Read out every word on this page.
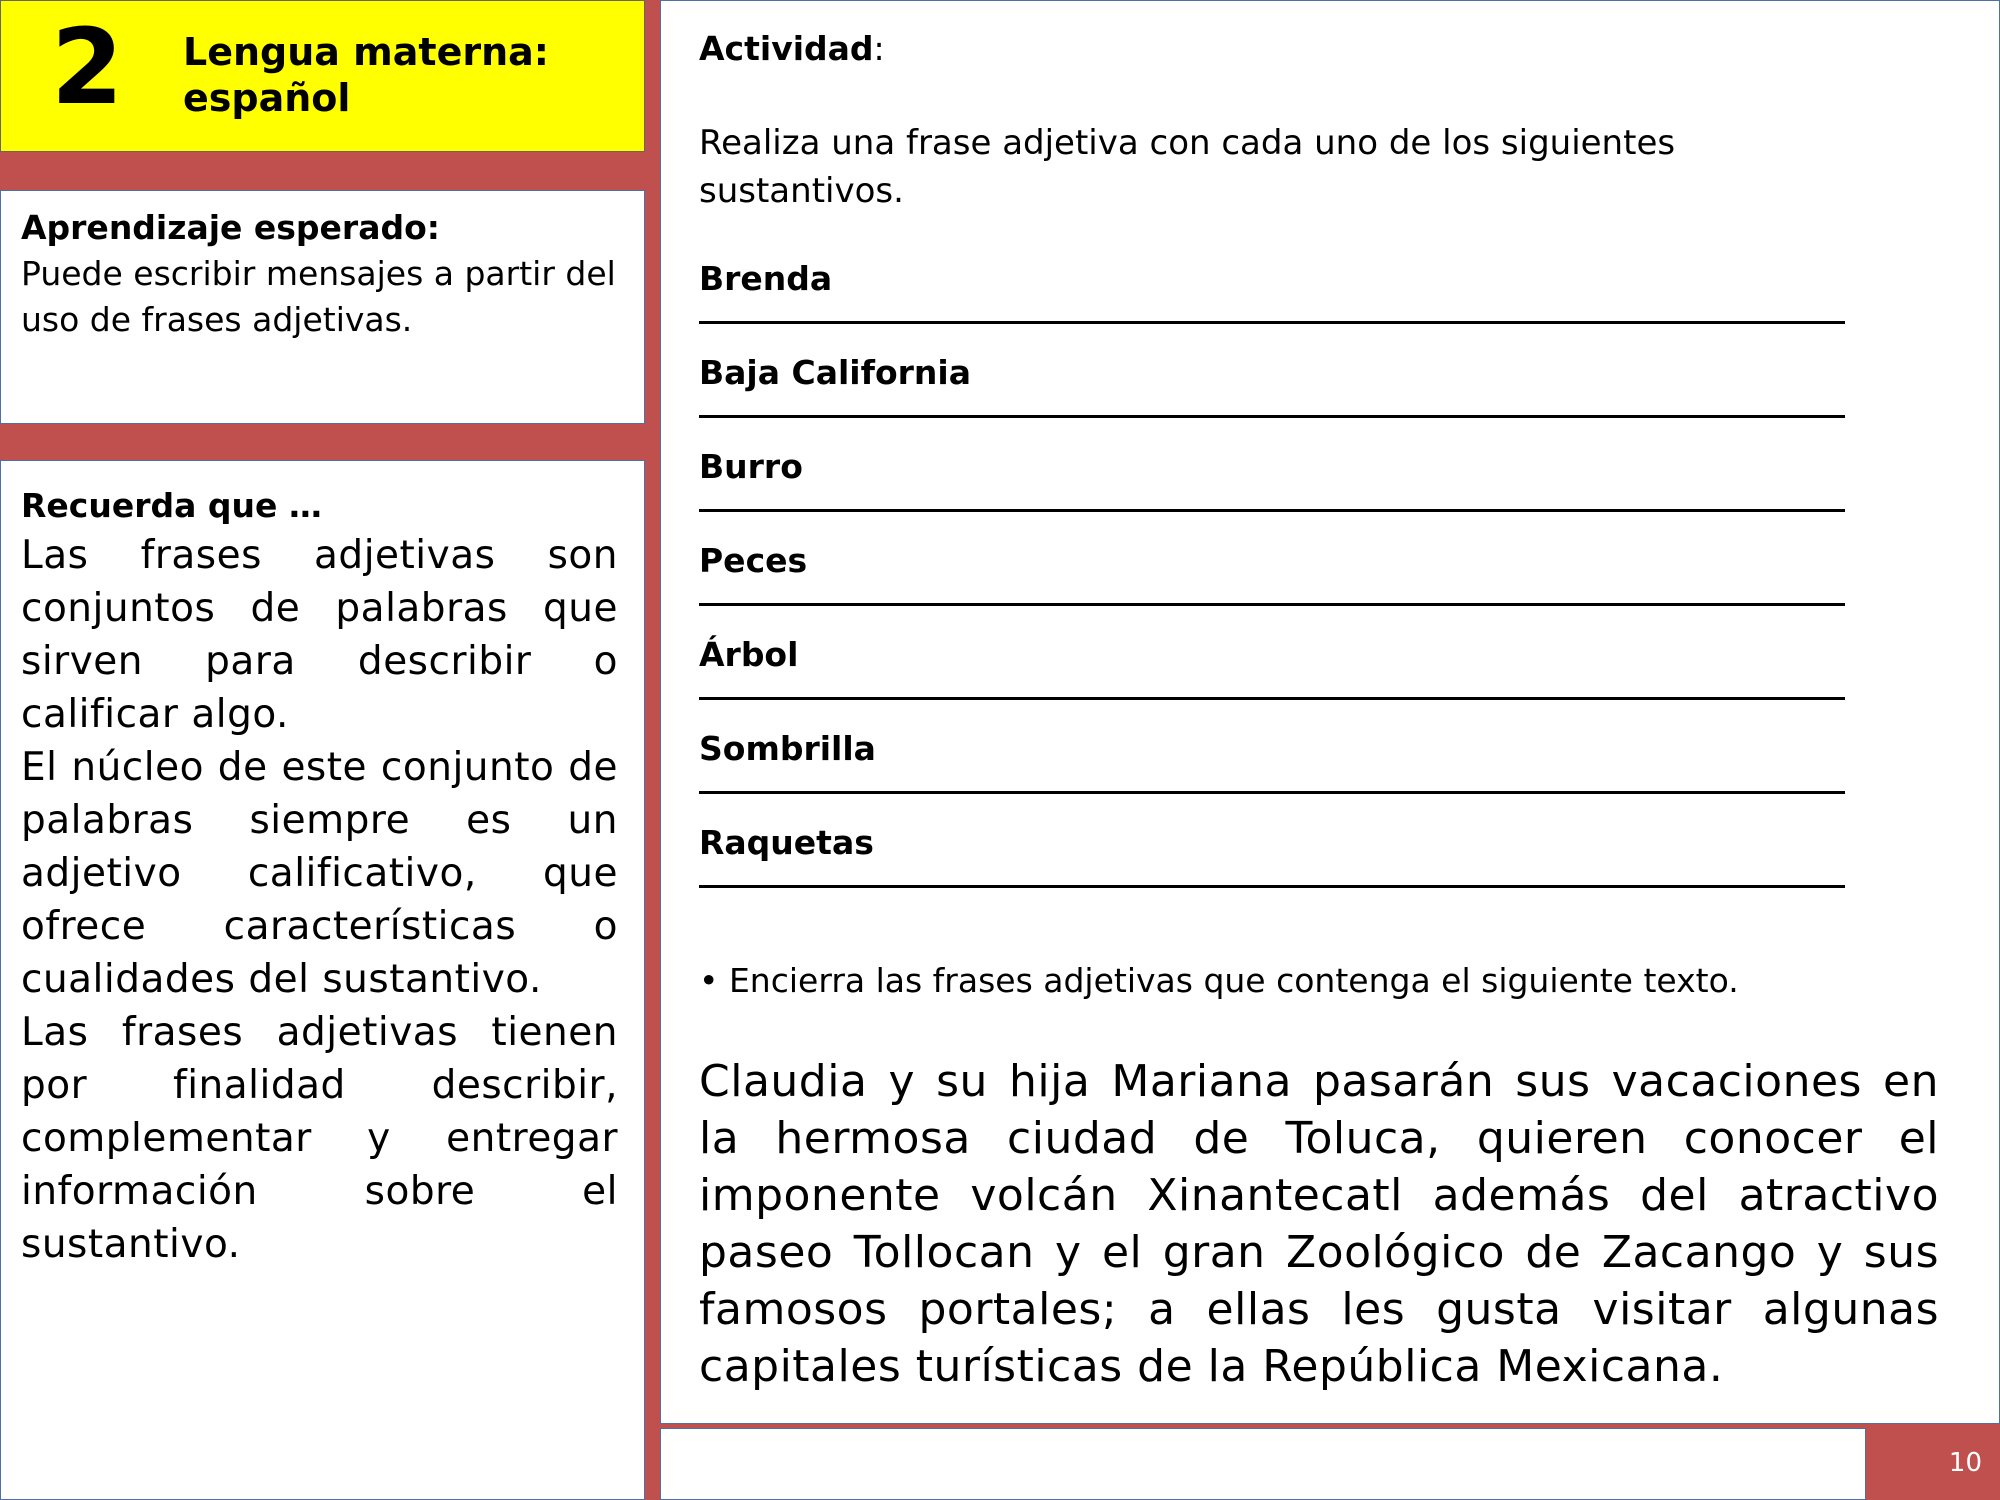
2 Lengua materna:
español
Aprendizaje esperado:
Puede escribir mensajes a partir del uso de frases adjetivas.
Recuerda que …
Las frases adjetivas son conjuntos de palabras que sirven para describir o calificar algo.
El núcleo de este conjunto de palabras siempre es un adjetivo calificativo, que ofrece características o cualidades del sustantivo.
Las frases adjetivas tienen por finalidad describir, complementar y entregar información sobre el sustantivo.
Actividad:
Realiza una frase adjetiva con cada uno de los siguientes sustantivos.
Brenda
Baja California
Burro
Peces
Árbol
Sombrilla
Raquetas
• Encierra las frases adjetivas que contenga el siguiente texto.
Claudia y su hija Mariana pasarán sus vacaciones en la hermosa ciudad de Toluca, quieren conocer el imponente volcán Xinantecatl además del atractivo paseo Tollocan y el gran Zoológico de Zacango y sus famosos portales; a ellas les gusta visitar algunas capitales turísticas de la República Mexicana.
10
